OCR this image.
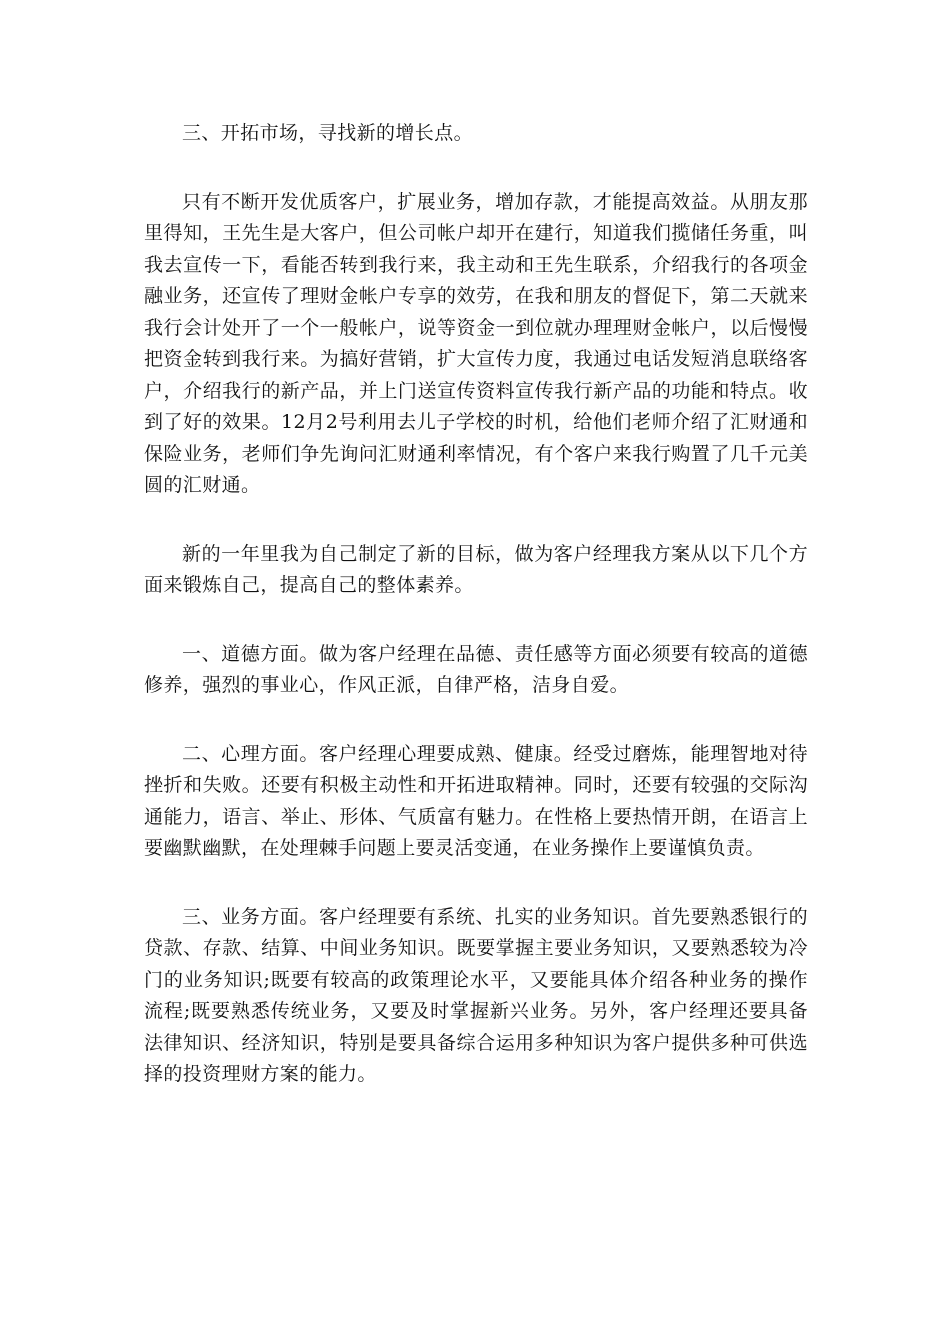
三、开拓市场，寻找新的增长点。

只有不断开发优质客户，扩展业务，增加存款，才能提高效益。从朋友那里得知，王先生是大客户，但公司帐户却开在建行，知道我们揽储任务重，叫我去宣传一下，看能否转到我行来，我主动和王先生联系，介绍我行的各项金融业务，还宣传了理财金帐户专享的效劳，在我和朋友的督促下，第二天就来我行会计处开了一个一般帐户，说等资金一到位就办理理财金帐户，以后慢慢把资金转到我行来。为搞好营销，扩大宣传力度，我通过电话发短消息联络客户，介绍我行的新产品，并上门送宣传资料宣传我行新产品的功能和特点。收到了好的效果。12月2号利用去儿子学校的时机，给他们老师介绍了汇财通和保险业务，老师们争先询问汇财通利率情况，有个客户来我行购置了几千元美圆的汇财通。

新的一年里我为自己制定了新的目标，做为客户经理我方案从以下几个方面来锻炼自己，提高自己的整体素养。

一、道德方面。做为客户经理在品德、责任感等方面必须要有较高的道德修养，强烈的事业心，作风正派，自律严格，洁身自爱。

二、心理方面。客户经理心理要成熟、健康。经受过磨炼，能理智地对待挫折和失败。还要有积极主动性和开拓进取精神。同时，还要有较强的交际沟通能力，语言、举止、形体、气质富有魅力。在性格上要热情开朗，在语言上要幽默幽默，在处理棘手问题上要灵活变通，在业务操作上要谨慎负责。

三、业务方面。客户经理要有系统、扎实的业务知识。首先要熟悉银行的贷款、存款、结算、中间业务知识。既要掌握主要业务知识，又要熟悉较为冷门的业务知识;既要有较高的政策理论水平，又要能具体介绍各种业务的操作流程;既要熟悉传统业务，又要及时掌握新兴业务。另外，客户经理还要具备法律知识、经济知识，特别是要具备综合运用多种知识为客户提供多种可供选择的投资理财方案的能力。
